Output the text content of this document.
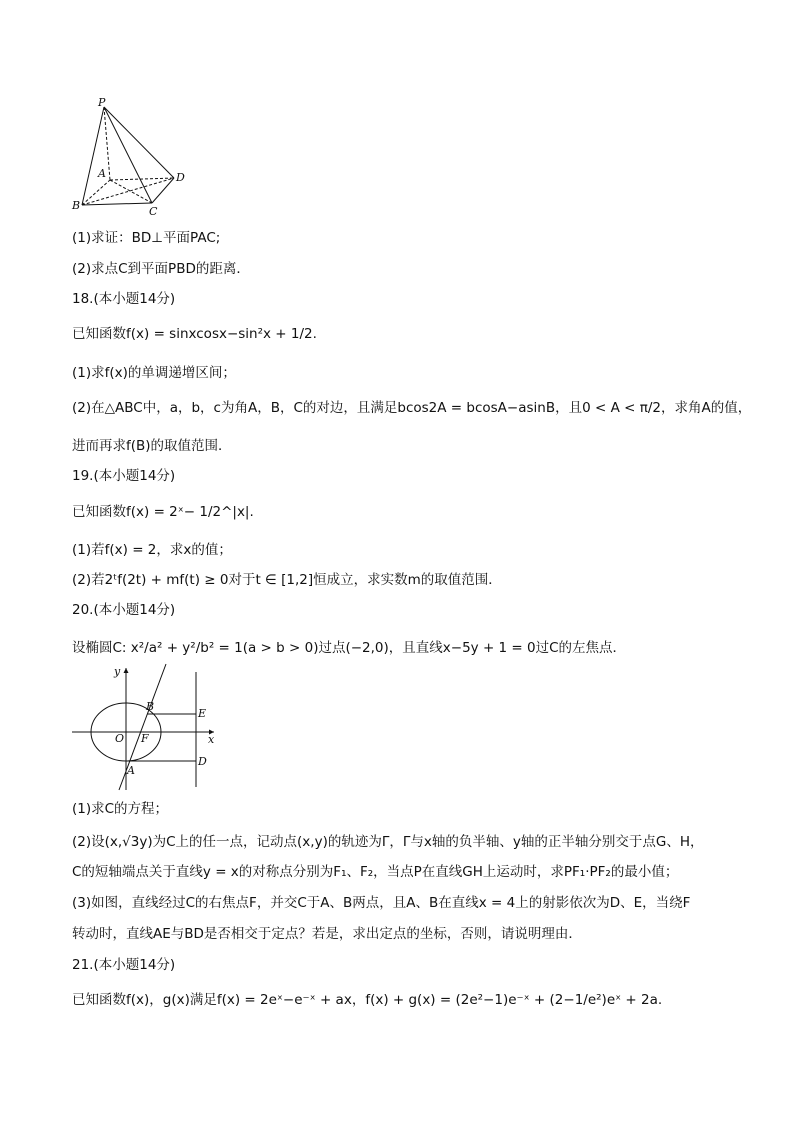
P
A
B	C
D
(1)求证：BD⊥平面PAC;
(2)求点C到平面PBD的距离．
18.(本小题14分)
已知函数f(x) = sinxcosx−sin²x + 1/2.
(1)求f(x)的单调递增区间；
(2)在△ABC中，a，b，c为角A，B，C的对边，且满足bcos2A = bcosA−asinB，且0 < A < π/2，求角A的值，
进而再求f(B)的取值范围．
19.(本小题14分)
已知函数f(x) = 2ˣ− 1/2^|x|.
(1)若f(x) = 2，求x的值；
(2)若2ᵗf(2t) + mf(t) ≥ 0对于t ∈ [1,2]恒成立，求实数m的取值范围．
20.(本小题14分)
设椭圆C: x²/a² + y²/b² = 1(a > b > 0)过点(−2,0)，且直线x−5y + 1 = 0过C的左焦点．
y
x
O F
B
A
E
D
(1)求C的方程；
(2)设(x,√3y)为C上的任一点，记动点(x,y)的轨迹为Γ，Γ与x轴的负半轴、y轴的正半轴分别交于点G、H，
C的短轴端点关于直线y = x的对称点分别为F₁、F₂，当点P在直线GH上运动时，求PF₁·PF₂的最小值；
(3)如图，直线经过C的右焦点F，并交C于A、B两点，且A、B在直线x = 4上的射影依次为D、E，当绕F
转动时，直线AE与BD是否相交于定点？若是，求出定点的坐标，否则，请说明理由．
21.(本小题14分)
已知函数f(x)，g(x)满足f(x) = 2eˣ−e⁻ˣ + ax，f(x) + g(x) = (2e²−1)e⁻ˣ + (2−1/e²)eˣ + 2a.
